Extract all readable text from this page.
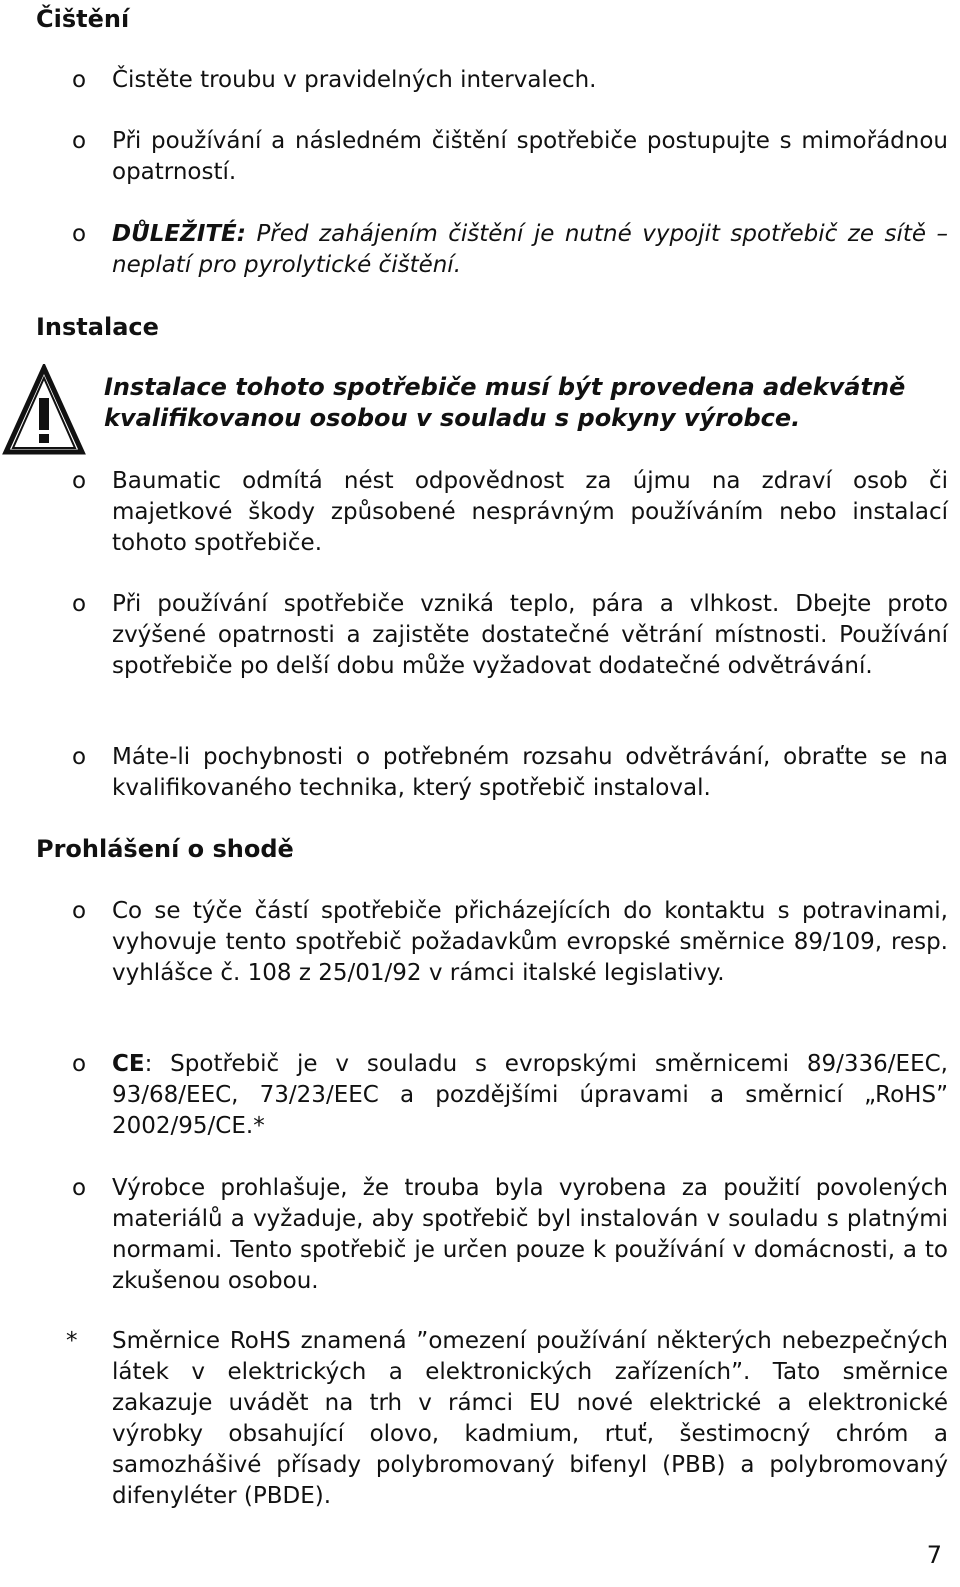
Čištění
o Čistěte troubu v pravidelných intervalech.
o Při používání a následném čištění spotřebiče postupujte s mimořádnou opatrností.
o DŮLEŽITÉ: Před zahájením čištění je nutné vypojit spotřebič ze sítě – neplatí pro pyrolytické čištění.
Instalace
Instalace tohoto spotřebiče musí být provedena adekvátně kvalifikovanou osobou v souladu s pokyny výrobce.
o Baumatic odmítá nést odpovědnost za újmu na zdraví osob či majetkové škody způsobené nesprávným používáním nebo instalací tohoto spotřebiče.
o Při používání spotřebiče vzniká teplo, pára a vlhkost. Dbejte proto zvýšené opatrnosti a zajistěte dostatečné větrání místnosti. Používání spotřebiče po delší dobu může vyžadovat dodatečné odvětrávání.
o Máte-li pochybnosti o potřebném rozsahu odvětrávání, obraťte se na kvalifikovaného technika, který spotřebič instaloval.
Prohlášení o shodě
o Co se týče částí spotřebiče přicházejících do kontaktu s potravinami, vyhovuje tento spotřebič požadavkům evropské směrnice 89/109, resp. vyhlášce č. 108 z 25/01/92 v rámci italské legislativy.
o CE: Spotřebič je v souladu s evropskými směrnicemi 89/336/EEC, 93/68/EEC, 73/23/EEC a pozdějšími úpravami a směrnicí „RoHS” 2002/95/CE.*
o Výrobce prohlašuje, že trouba byla vyrobena za použití povolených materiálů a vyžaduje, aby spotřebič byl instalován v souladu s platnými normami. Tento spotřebič je určen pouze k používání v domácnosti, a to zkušenou osobou.
*	Směrnice RoHS znamená ”omezení používání některých nebezpečných látek v elektrických a elektronických zařízeních”. Tato směrnice zakazuje uvádět na trh v rámci EU nové elektrické a elektronické výrobky obsahující olovo, kadmium, rtuť, šestimocný chróm a samozhášivé přísady polybromovaný bifenyl (PBB) a polybromovaný difenyléter (PBDE).
7
